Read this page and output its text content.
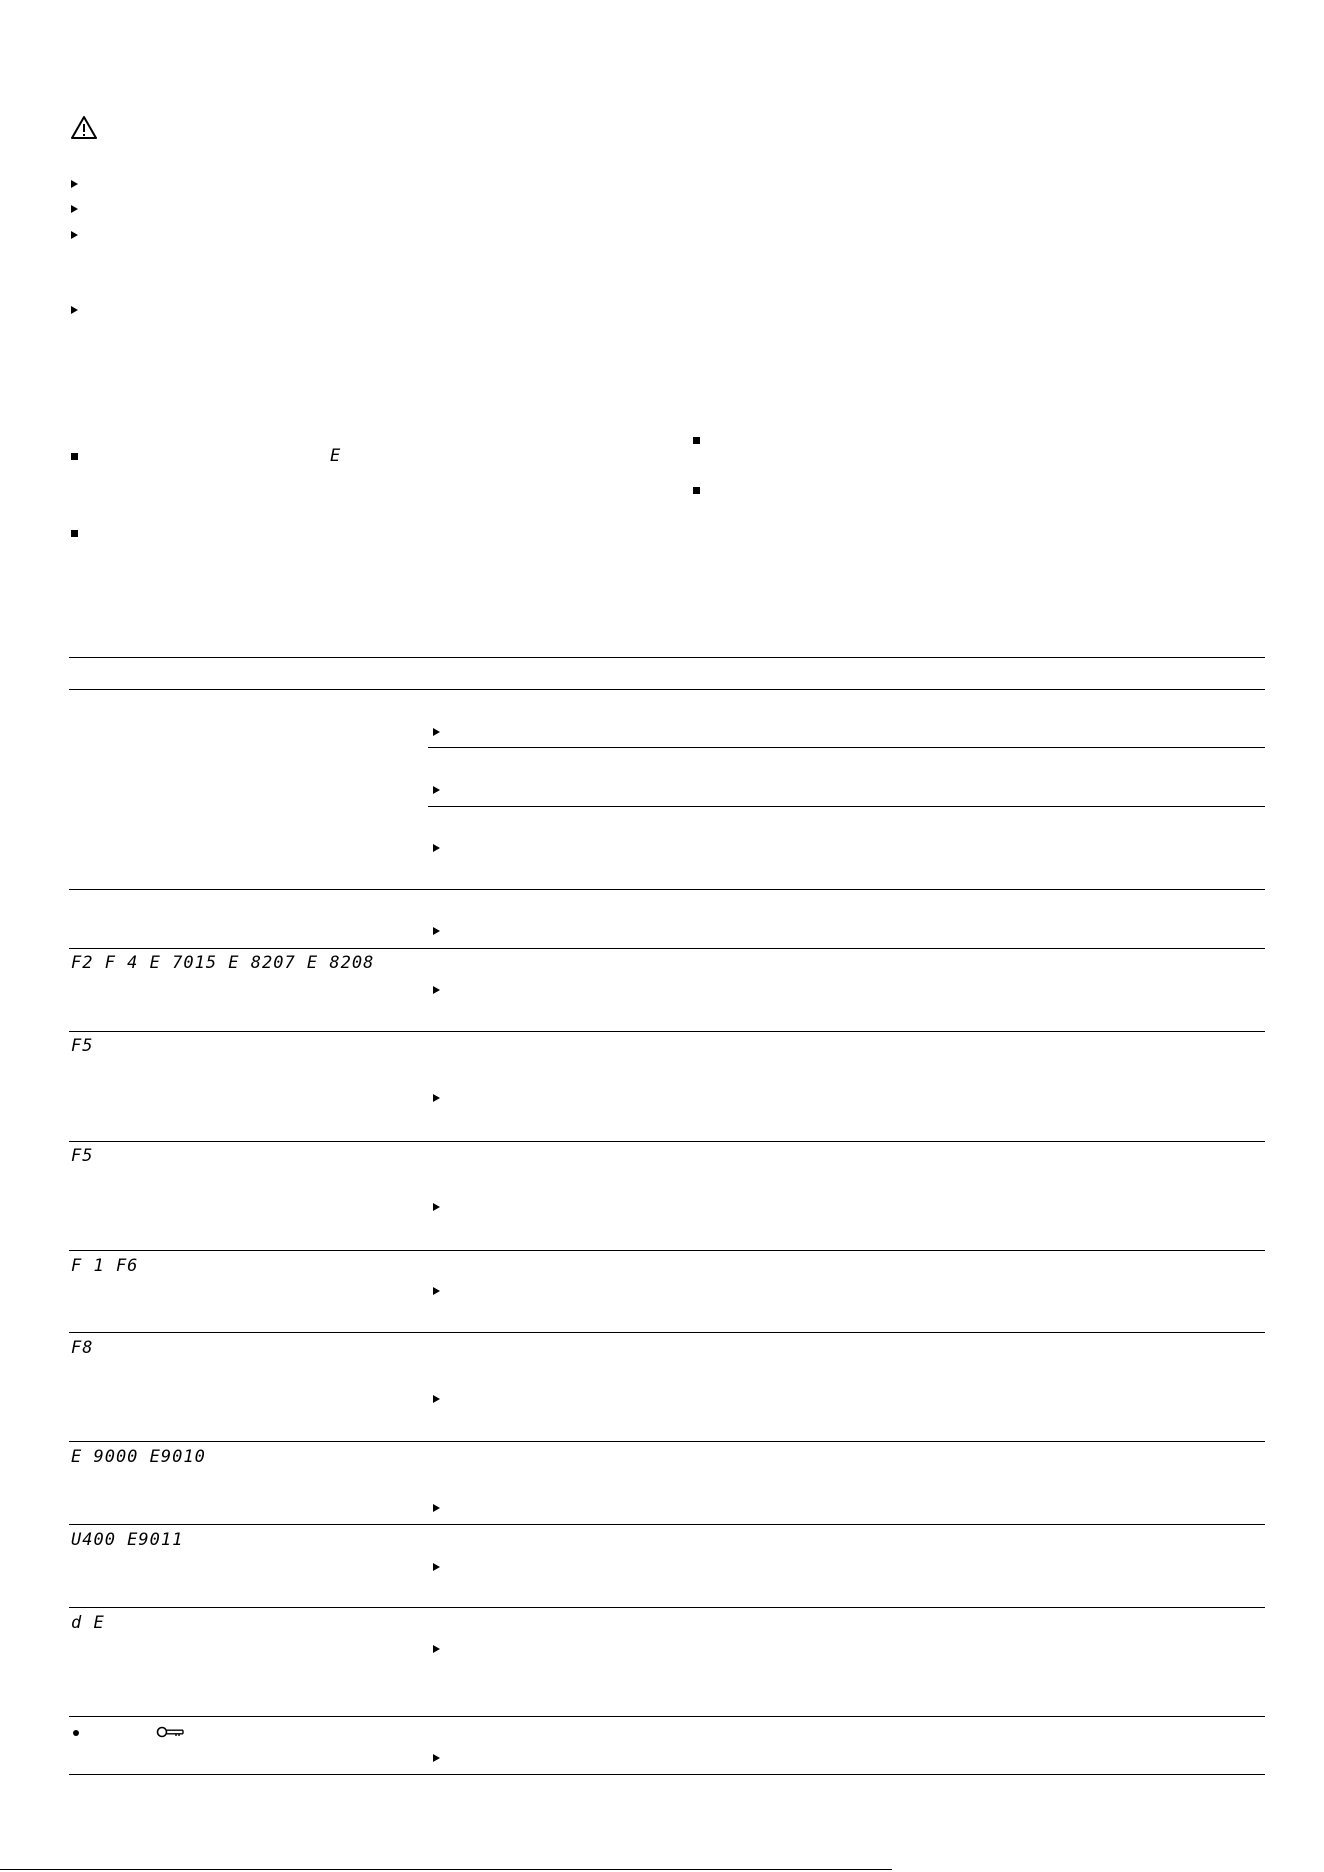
E
F2 F 4 E 7015 E 8207 E 8208
F5
F5
F 1 F6
F8
E 9000 E9010
U400 E9011
d E
